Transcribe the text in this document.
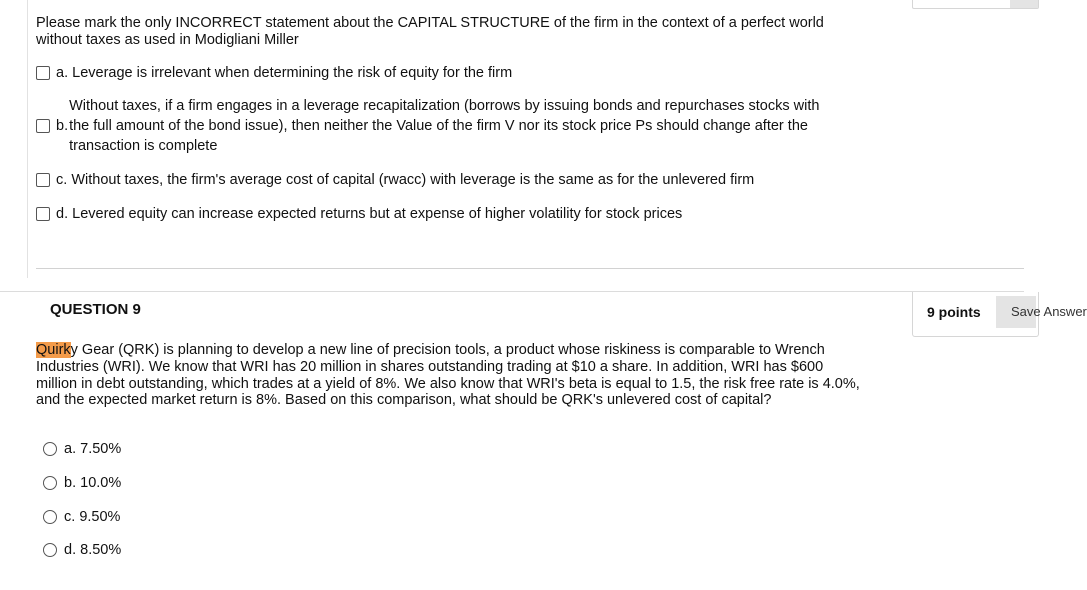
Please mark the only INCORRECT statement about the CAPITAL STRUCTURE of the firm in the context of a perfect world without taxes as used in Modigliani Miller
a.
Leverage is irrelevant when determining the risk of equity for the firm
b.
Without taxes, if a firm engages in a leverage recapitalization (borrows by issuing bonds and repurchases stocks with the full amount of the bond issue), then neither the Value of the firm V nor its stock price Ps should change after the transaction is complete
c.
Without taxes, the firm's average cost of capital (rwacc) with leverage is the same as for the unlevered firm
d.
Levered equity can increase expected returns but at expense of higher volatility for stock prices
QUESTION 9	9 points	Save Answer
Quirky Gear (QRK) is planning to develop a new line of precision tools, a product whose riskiness is comparable to Wrench Industries (WRI). We know that WRI has 20 million in shares outstanding trading at $10 a share. In addition, WRI has $600 million in debt outstanding, which trades at a yield of 8%. We also know that WRI's beta is equal to 1.5, the risk free rate is 4.0%, and the expected market return is 8%. Based on this comparison, what should be QRK's unlevered cost of capital?
a.
7.50%
b.
10.0%
c.
9.50%
d.
8.50%
